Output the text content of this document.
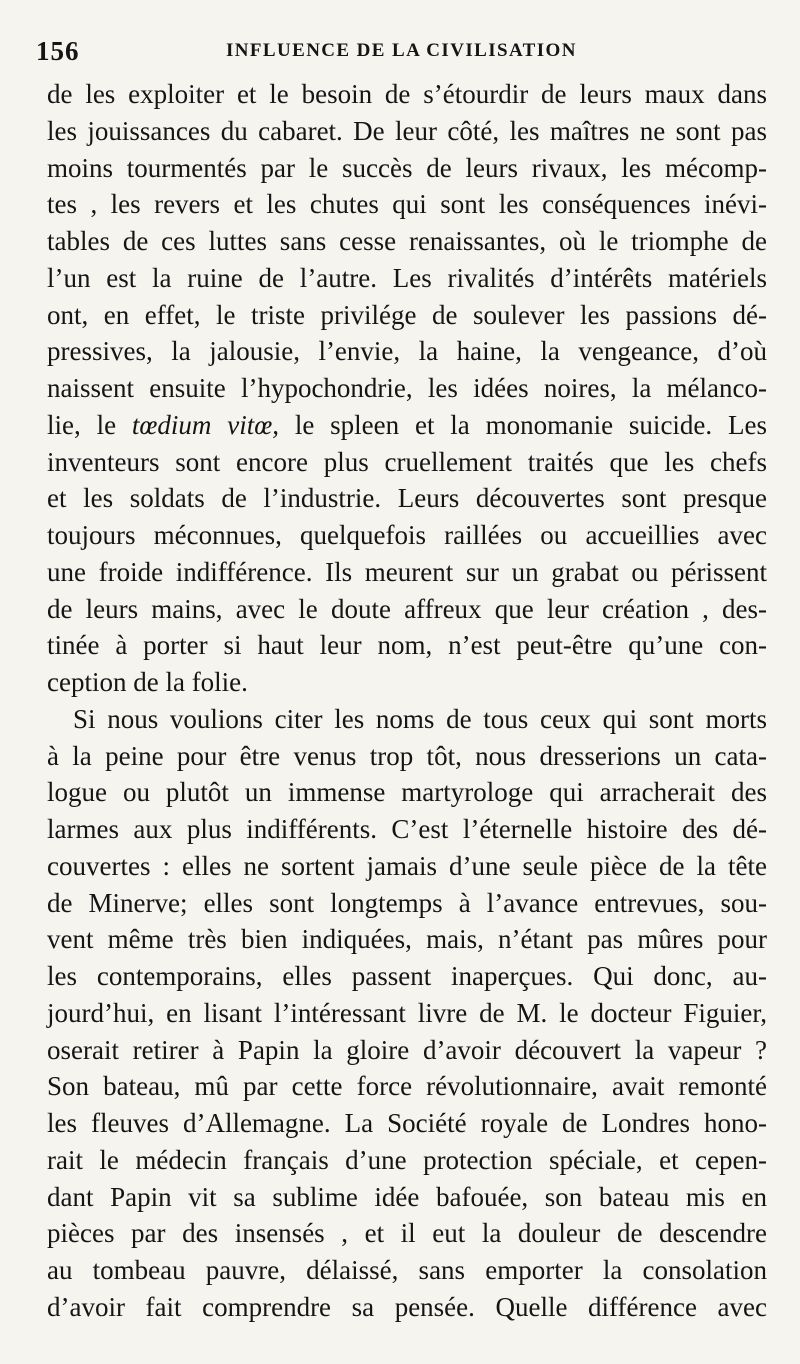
156	INFLUENCE DE LA CIVILISATION
de les exploiter et le besoin de s’étourdir de leurs maux dans
les jouissances du cabaret. De leur côté, les maîtres ne sont pas
moins tourmentés par le succès de leurs rivaux, les mécomp-
tes , les revers et les chutes qui sont les conséquences inévi-
tables de ces luttes sans cesse renaissantes, où le triomphe de
l’un est la ruine de l’autre. Les rivalités d’intérêts matériels
ont, en effet, le triste privilége de soulever les passions dé-
pressives, la jalousie, l’envie, la haine, la vengeance, d’où
naissent ensuite l’hypochondrie, les idées noires, la mélanco-
lie, le tœdium vitœ, le spleen et la monomanie suicide. Les
inventeurs sont encore plus cruellement traités que les chefs
et les soldats de l’industrie. Leurs découvertes sont presque
toujours méconnues, quelquefois raillées ou accueillies avec
une froide indifférence. Ils meurent sur un grabat ou périssent
de leurs mains, avec le doute affreux que leur création , des-
tinée à porter si haut leur nom, n’est peut-être qu’une con-
ception de la folie.
Si nous voulions citer les noms de tous ceux qui sont morts
à la peine pour être venus trop tôt, nous dresserions un cata-
logue ou plutôt un immense martyrologe qui arracherait des
larmes aux plus indifférents. C’est l’éternelle histoire des dé-
couvertes : elles ne sortent jamais d’une seule pièce de la tête
de Minerve; elles sont longtemps à l’avance entrevues, sou-
vent même très bien indiquées, mais, n’étant pas mûres pour
les contemporains, elles passent inaperçues. Qui donc, au-
jourd’hui, en lisant l’intéressant livre de M. le docteur Figuier,
oserait retirer à Papin la gloire d’avoir découvert la vapeur ?
Son bateau, mû par cette force révolutionnaire, avait remonté
les fleuves d’Allemagne. La Société royale de Londres hono-
rait le médecin français d’une protection spéciale, et cepen-
dant Papin vit sa sublime idée bafouée, son bateau mis en
pièces par des insensés , et il eut la douleur de descendre
au tombeau pauvre, délaissé, sans emporter la consolation
d’avoir fait comprendre sa pensée. Quelle différence avec
